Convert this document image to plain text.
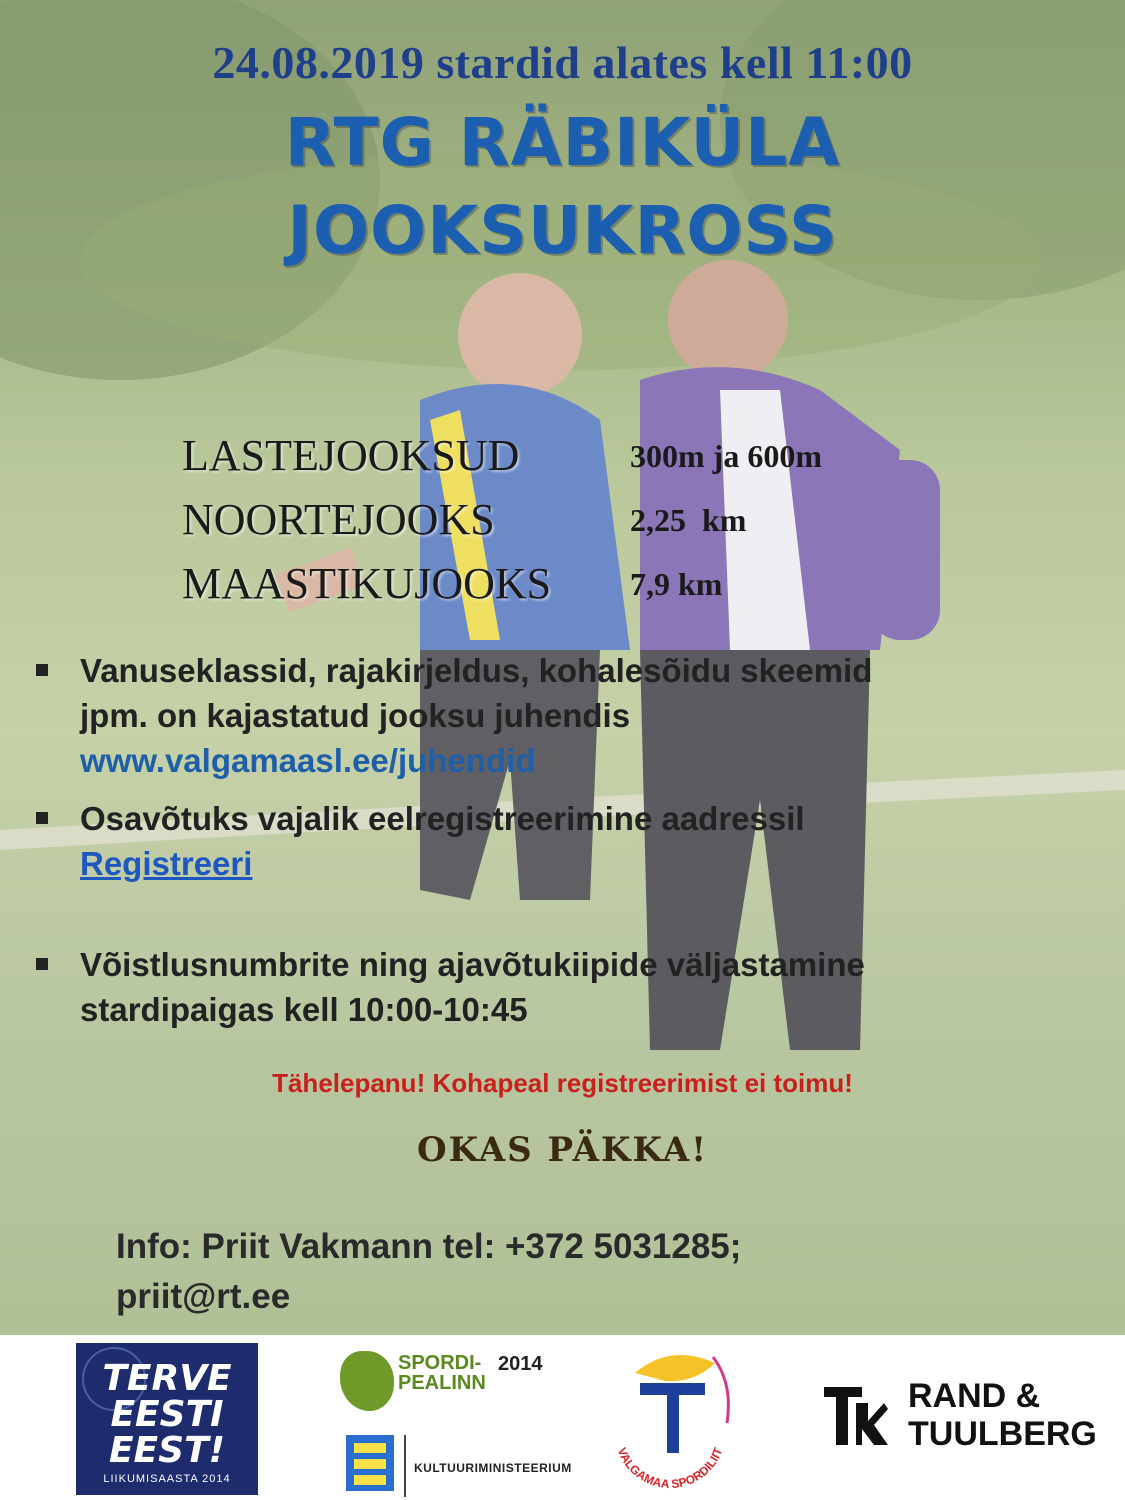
24.08.2019 stardid alates kell 11:00
RTG RÄBIKÜLA
JOOKSUKROSS
LASTEJOOKSUD	300m ja 600m
NOORTEJOOKS	2,25  km
MAASTIKUJOOKS 7,9 km
Vanuseklassid, rajakirjeldus, kohalesõidu skeemid
jpm. on kajastatud jooksu juhendis
www.valgamaasl.ee/juhendid
Osavõtuks vajalik eelregistreerimine aadressil
Registreeri
Võistlusnumbrite ning ajavõtukiipide väljastamine
stardipaigas kell 10:00-10:45
Tähelepanu! Kohapeal registreerimist ei toimu!
OKAS PÄKKA!
Info: Priit Vakmann tel: +372 5031285;
priit@rt.ee
TERVE
EESTI
EEST!
LIIKUMISAASTA 2014
SPORDI-
PEALINN
2014
KULTUURIMINISTEERIUM
VALGAMAA SPORDILIIT
RAND &
TUULBERG
